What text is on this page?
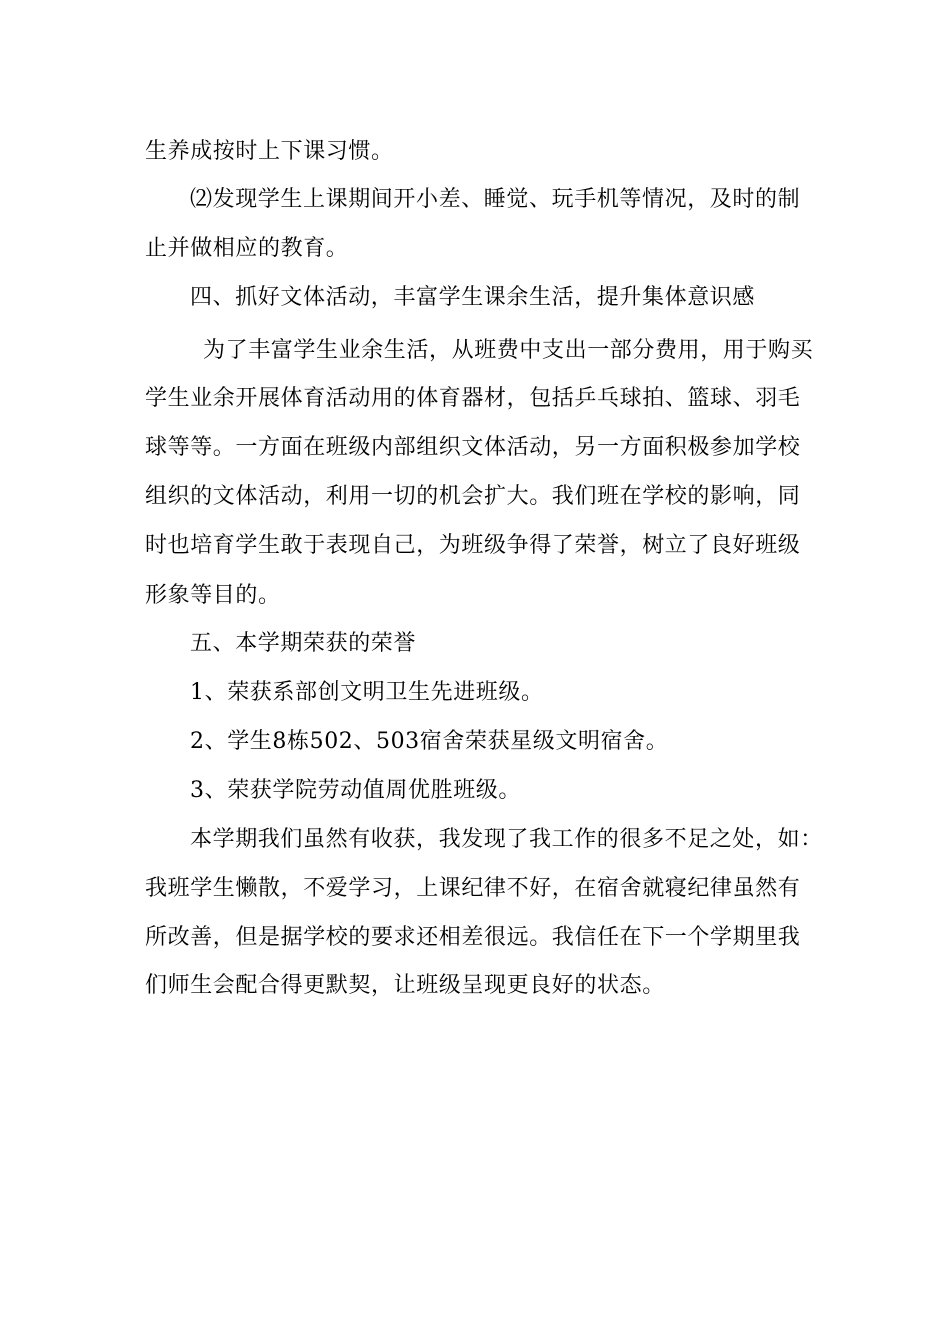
生养成按时上下课习惯。
⑵发现学生上课期间开小差、睡觉、玩手机等情况，及时的制
止并做相应的教育。
四、抓好文体活动，丰富学生课余生活，提升集体意识感
为了丰富学生业余生活，从班费中支出一部分费用，用于购买
学生业余开展体育活动用的体育器材，包括乒乓球拍、篮球、羽毛
球等等。一方面在班级内部组织文体活动，另一方面积极参加学校
组织的文体活动，利用一切的机会扩大。我们班在学校的影响，同
时也培育学生敢于表现自己，为班级争得了荣誉，树立了良好班级
形象等目的。
五、本学期荣获的荣誉
1、荣获系部创文明卫生先进班级。
2、学生8栋502、503宿舍荣获星级文明宿舍。
3、荣获学院劳动值周优胜班级。
本学期我们虽然有收获，我发现了我工作的很多不足之处，如：
我班学生懒散，不爱学习，上课纪律不好，在宿舍就寝纪律虽然有
所改善，但是据学校的要求还相差很远。我信任在下一个学期里我
们师生会配合得更默契，让班级呈现更良好的状态。
